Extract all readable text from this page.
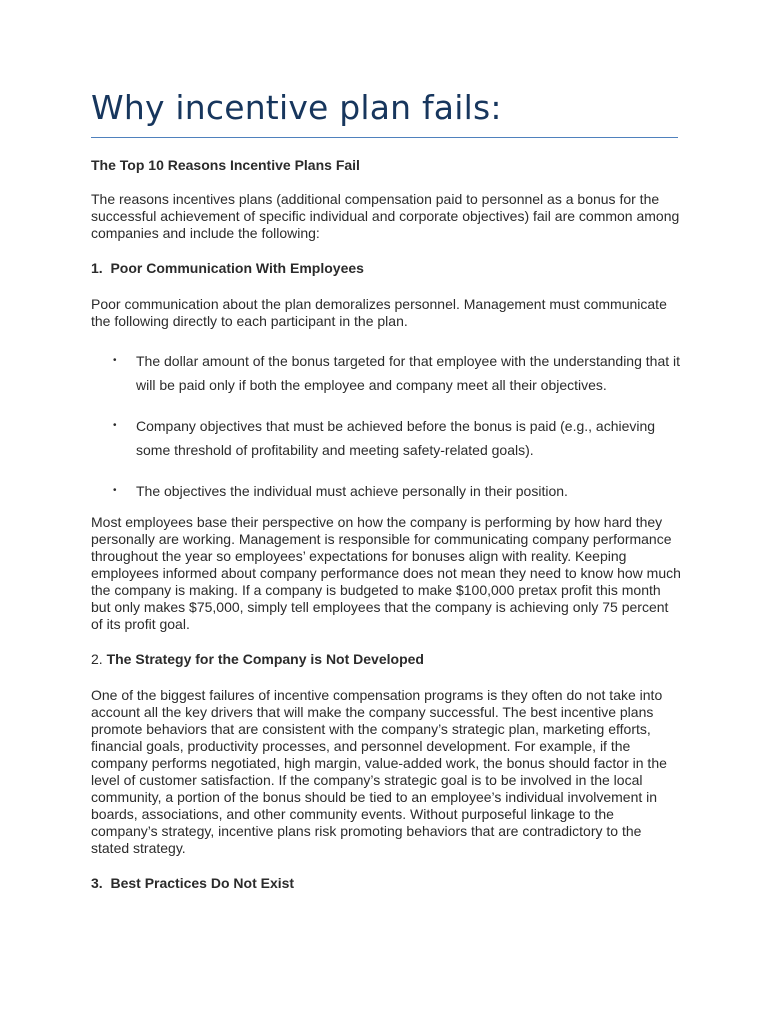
Why incentive plan fails:

The Top 10 Reasons Incentive Plans Fail

The reasons incentives plans (additional compensation paid to personnel as a bonus for the successful achievement of specific individual and corporate objectives) fail are common among companies and include the following:

1. Poor Communication With Employees

Poor communication about the plan demoralizes personnel. Management must communicate the following directly to each participant in the plan.

• The dollar amount of the bonus targeted for that employee with the understanding that it will be paid only if both the employee and company meet all their objectives.
• Company objectives that must be achieved before the bonus is paid (e.g., achieving some threshold of profitability and meeting safety-related goals).
• The objectives the individual must achieve personally in their position.

Most employees base their perspective on how the company is performing by how hard they personally are working. Management is responsible for communicating company performance throughout the year so employees’ expectations for bonuses align with reality. Keeping employees informed about company performance does not mean they need to know how much the company is making. If a company is budgeted to make $100,000 pretax profit this month but only makes $75,000, simply tell employees that the company is achieving only 75 percent of its profit goal.

2. The Strategy for the Company is Not Developed

One of the biggest failures of incentive compensation programs is they often do not take into account all the key drivers that will make the company successful. The best incentive plans promote behaviors that are consistent with the company’s strategic plan, marketing efforts, financial goals, productivity processes, and personnel development. For example, if the company performs negotiated, high margin, value-added work, the bonus should factor in the level of customer satisfaction. If the company’s strategic goal is to be involved in the local community, a portion of the bonus should be tied to an employee’s individual involvement in boards, associations, and other community events. Without purposeful linkage to the company’s strategy, incentive plans risk promoting behaviors that are contradictory to the stated strategy.

3. Best Practices Do Not Exist
